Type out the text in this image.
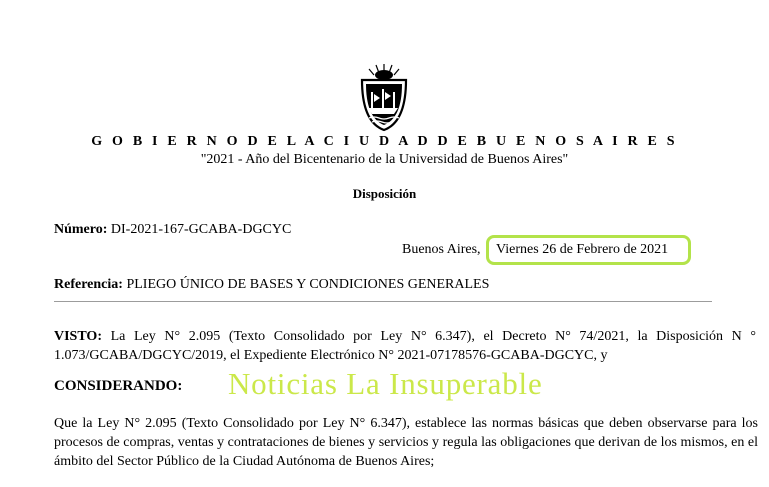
G O B I E R N O D E L A C I U D A D D E B U E N O S A I R E S
"2021 - Año del Bicentenario de la Universidad de Buenos Aires"
Disposición
Número: DI-2021-167-GCABA-DGCYC
Buenos Aires, Viernes 26 de Febrero de 2021
Referencia: PLIEGO ÚNICO DE BASES Y CONDICIONES GENERALES
VISTO: La Ley N° 2.095 (Texto Consolidado por Ley N° 6.347), el Decreto N° 74/2021, la Disposición N ° 1.073/GCABA/DGCYC/2019, el Expediente Electrónico N° 2021-07178576-GCABA-DGCYC, y
CONSIDERANDO: Noticias La Insuperable
Que la Ley N° 2.095 (Texto Consolidado por Ley N° 6.347), establece las normas básicas que deben observarse para los procesos de compras, ventas y contrataciones de bienes y servicios y regula las obligaciones que derivan de los mismos, en el ámbito del Sector Público de la Ciudad Autónoma de Buenos Aires;
